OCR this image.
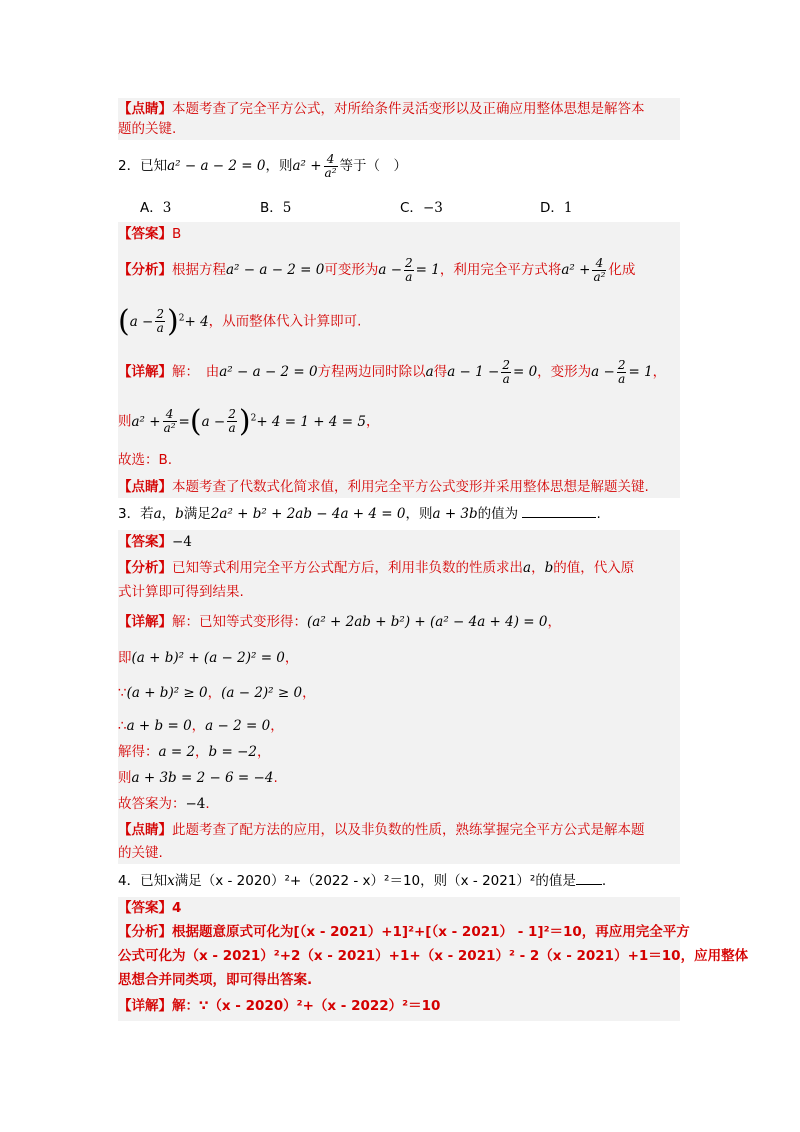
【点睛】本题考查了完全平方公式，对所给条件灵活变形以及正确应用整体思想是解答本
题的关键.
2．已知a² − a − 2 = 0，则$a^2 + \frac{4}{\text{a²}}$ 等于（　）
A．3	B．5	C．−3	D．1
【答案】B
【分析】根据方程a² − a − 2 = 0可变形为$a - \frac{2}{a} = 1$，利用完全平方式将$a^2 + \frac{4}{\text{a²}}$ 化成
$(a - \frac{2}{a} )^2+ 4$，从而整体代入计算即可.
【详解】解：　由a² − a − 2 = 0方程两边同时除以a得$a - 1 - \frac{2}{a} = 0$，变形为$a - \frac{2}{a} = 1$，
则$a^2 + \frac{4}{\text{a²}} =(a - \frac{2}{a} )^2+ 4 = 1 + 4 = 5$，
故选：B.
【点睛】本题考查了代数式化简求值，利用完全平方公式变形并采用整体思想是解题关键.
3．若a，b满足2a² + b² + 2ab − 4a + 4 = 0，则a + 3b的值为	.
【答案】−4
【分析】已知等式利用完全平方公式配方后，利用非负数的性质求出a，b的值，代入原
式计算即可得到结果.
【详解】解：已知等式变形得：(a² + 2ab + b²) + (a² − 4a + 4) = 0，
即(a + b)² + (a − 2)² = 0，
∵(a + b)² ≥ 0，(a − 2)² ≥ 0，
∴a + b = 0，a − 2 = 0，
解得：a = 2，b = −2，
则a + 3b = 2 − 6 = −4.
故答案为：−4.
【点睛】此题考查了配方法的应用，以及非负数的性质，熟练掌握完全平方公式是解本题
的关键.
4．已知x满足（x - 2020）²+（2022 - x）²＝10，则（x - 2021）²的值是 .
【答案】4
【分析】根据题意原式可化为[（x - 2021）+1]²+[（x - 2021） - 1]²＝10，再应用完全平方
公式可化为（x - 2021）²+2（x - 2021）+1+（x - 2021）² - 2（x - 2021）+1＝10，应用整体
思想合并同类项，即可得出答案.
【详解】解：∵（x - 2020）²+（x - 2022）²＝10
